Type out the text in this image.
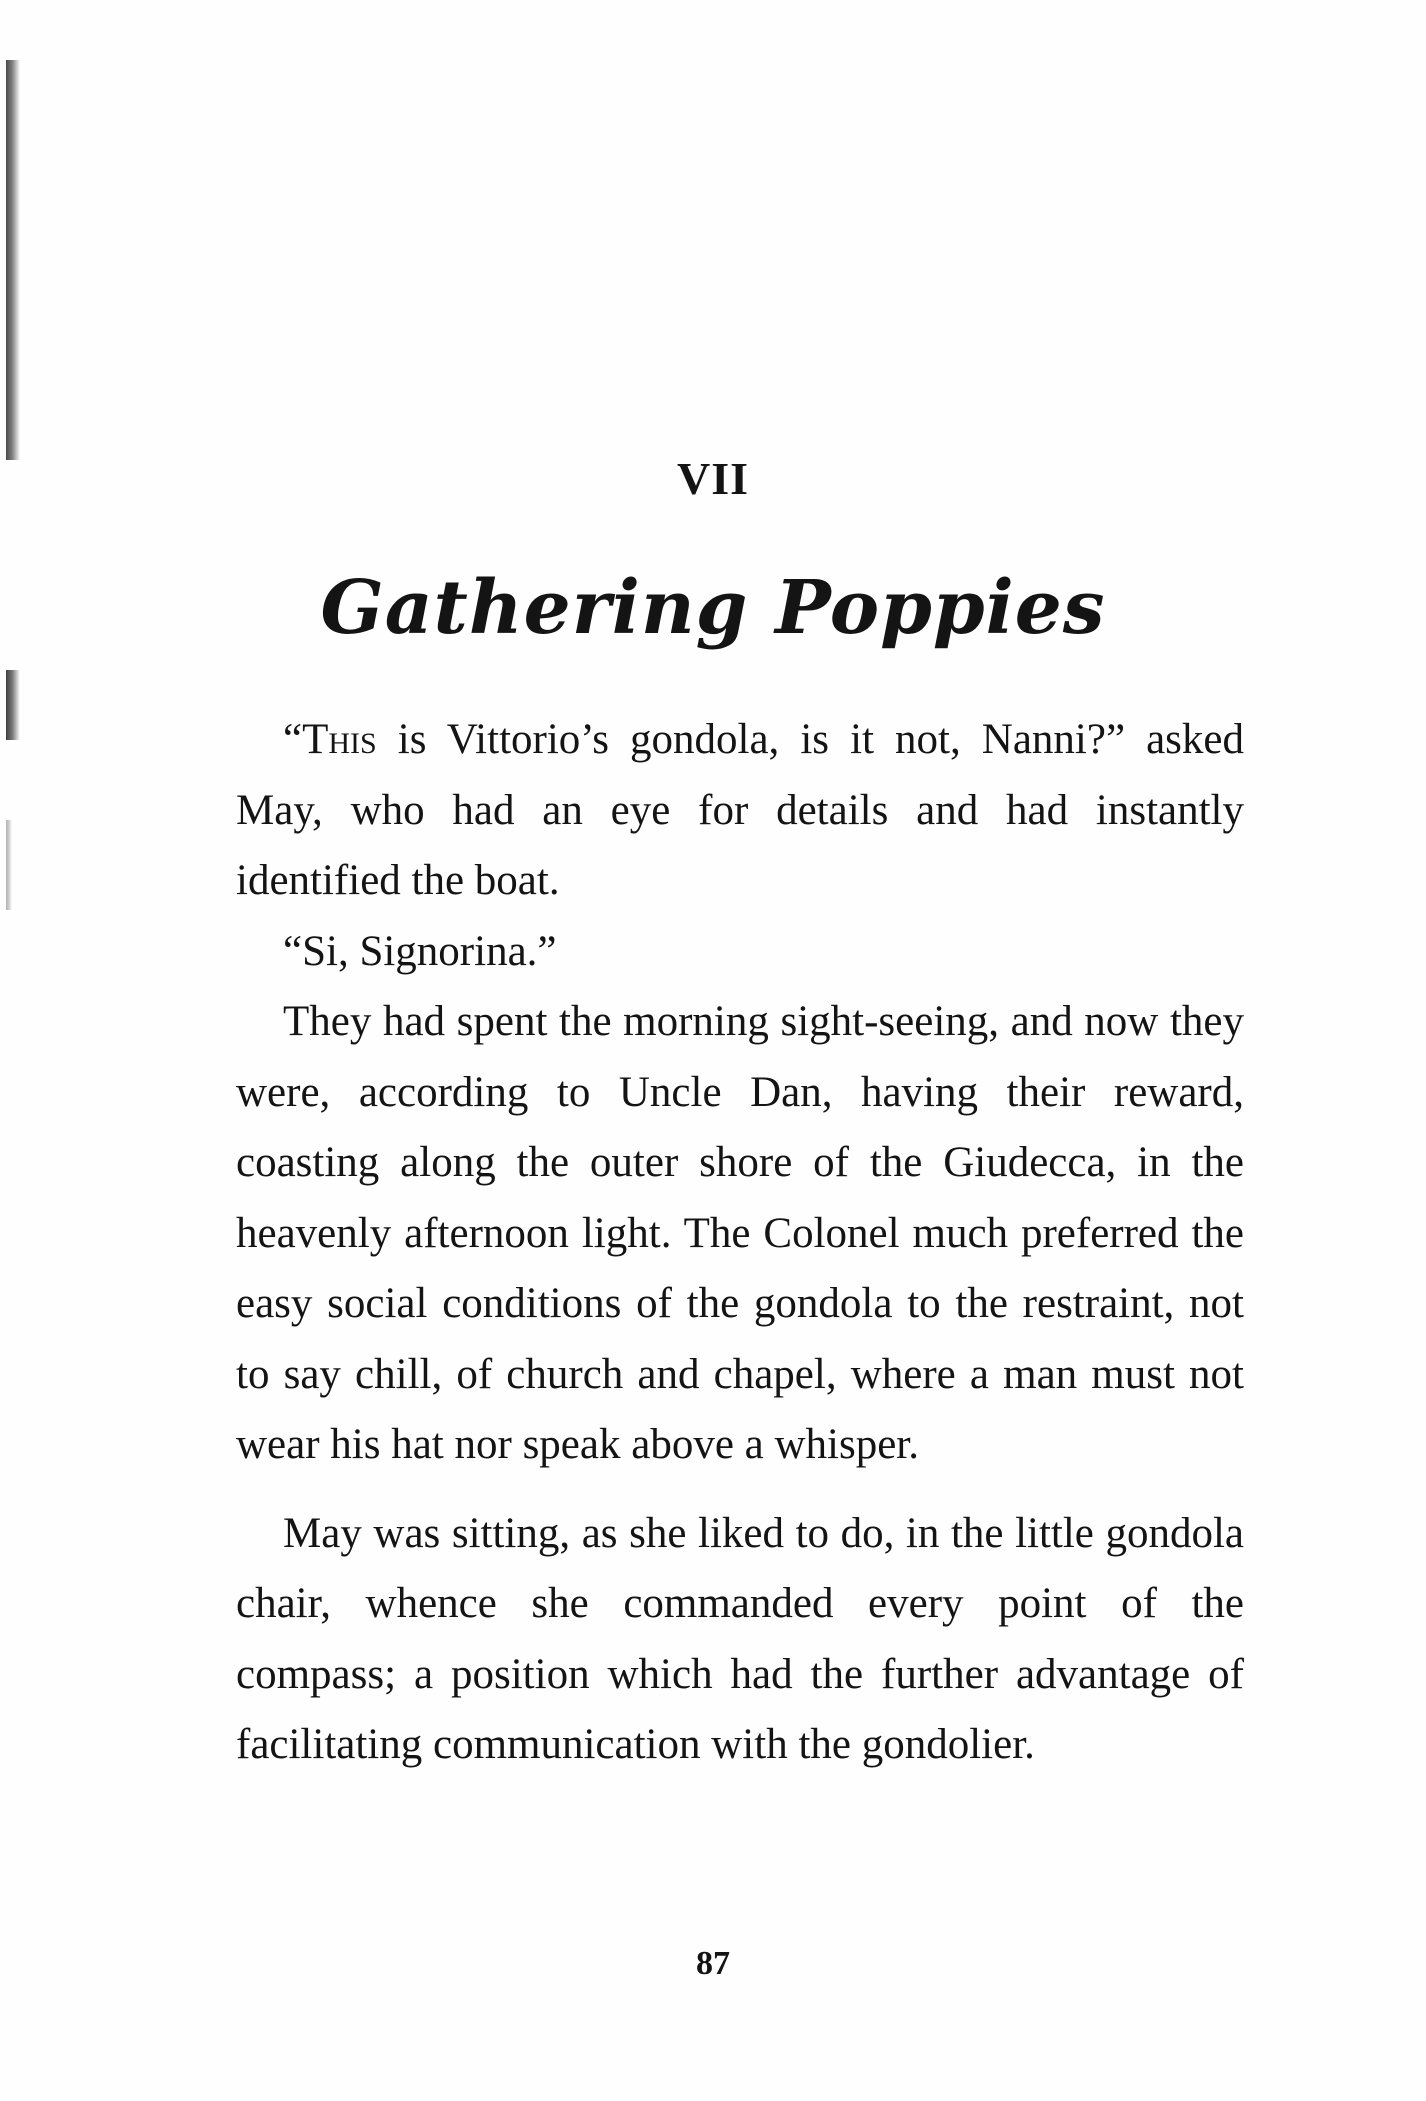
VII
Gathering Poppies

“This is Vittorio’s gondola, is it not, Nanni?” asked May, who had an eye for details and had instantly identified the boat.

“Si, Signorina.”

They had spent the morning sight-seeing, and now they were, according to Uncle Dan, having their reward, coasting along the outer shore of the Giudecca, in the heavenly afternoon light. The Colonel much preferred the easy social conditions of the gondola to the restraint, not to say chill, of church and chapel, where a man must not wear his hat nor speak above a whisper.

May was sitting, as she liked to do, in the little gondola chair, whence she commanded every point of the compass; a position which had the further advantage of facilitating communication with the gondolier.

87
